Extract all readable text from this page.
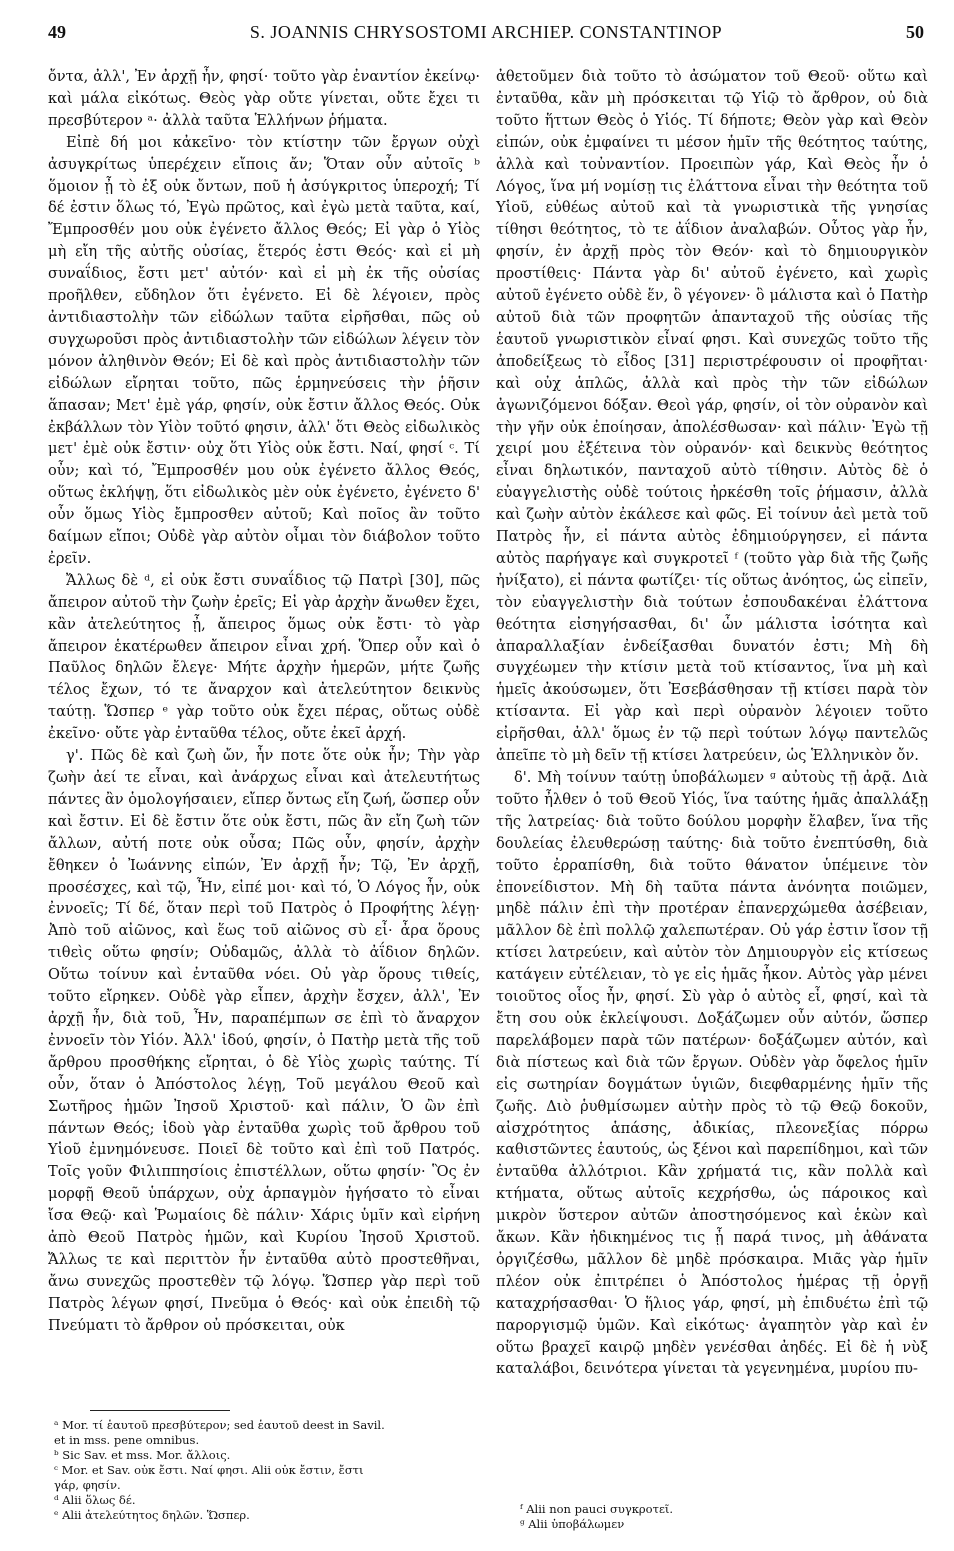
49	S. JOANNIS CHRYSOSTOMI ARCHIEP. CONSTANTINOP	50

ὄντα, ἀλλ', Ἐν ἀρχῇ ἦν, φησί· τοῦτο γὰρ ἐναντίον ἐκείνῳ· καὶ μάλα εἰκότως. Θεὸς γὰρ οὔτε γίνεται, οὔτε ἔχει τι πρεσβύτερον ᵃ· ἀλλὰ ταῦτα Ἑλλήνων ῥήματα.

Εἰπὲ δή μοι κἀκεῖνο· τὸν κτίστην τῶν ἔργων οὐχὶ ἀσυγκρίτως ὑπερέχειν εἴποις ἄν; Ὅταν οὖν αὐτοῖς ᵇ ὅμοιον ᾖ τὸ ἐξ οὐκ ὄντων, ποῦ ἡ ἀσύγκριτος ὑπεροχή; Τί δέ ἐστιν ὅλως τό, Ἐγὼ πρῶτος, καὶ ἐγὼ μετὰ ταῦτα, καί, Ἔμπροσθέν μου οὐκ ἐγένετο ἄλλος Θεός; Εἰ γὰρ ὁ Υἱὸς μὴ εἴη τῆς αὐτῆς οὐσίας, ἕτερός ἐστι Θεός· καὶ εἰ μὴ συναΐδιος, ἔστι μετ' αὐτόν· καὶ εἰ μὴ ἐκ τῆς οὐσίας προῆλθεν, εὔδηλον ὅτι ἐγένετο. Εἰ δὲ λέγοιεν, πρὸς ἀντιδιαστολὴν τῶν εἰδώλων ταῦτα εἰρῆσθαι, πῶς οὐ συγχωροῦσι πρὸς ἀντιδιαστολὴν τῶν εἰδώλων λέγειν τὸν μόνον ἀληθινὸν Θεόν; Εἰ δὲ καὶ πρὸς ἀντιδιαστολὴν τῶν εἰδώλων εἴρηται τοῦτο, πῶς ἑρμηνεύσεις τὴν ῥῆσιν ἅπασαν; Μετ' ἐμὲ γάρ, φησίν, οὐκ ἔστιν ἄλλος Θεός. Οὐκ ἐκβάλλων τὸν Υἱὸν τοῦτό φησιν, ἀλλ' ὅτι Θεὸς εἰδωλικὸς μετ' ἐμὲ οὐκ ἔστιν· οὐχ ὅτι Υἱὸς οὐκ ἔστι. Ναί, φησί ᶜ. Τί οὖν; καὶ τό, Ἔμπροσθέν μου οὐκ ἐγένετο ἄλλος Θεός, οὕτως ἐκλήψῃ, ὅτι εἰδωλικὸς μὲν οὐκ ἐγένετο, ἐγένετο δ' οὖν ὅμως Υἱὸς ἔμπροσθεν αὐτοῦ; Καὶ ποῖος ἂν τοῦτο δαίμων εἴποι; Οὐδὲ γὰρ αὐτὸν οἶμαι τὸν διάβολον τοῦτο ἐρεῖν.

Ἄλλως δὲ ᵈ, εἰ οὐκ ἔστι συναΐδιος τῷ Πατρὶ [30], πῶς ἄπειρον αὐτοῦ τὴν ζωὴν ἐρεῖς; Εἰ γὰρ ἀρχὴν ἄνωθεν ἔχει, κἂν ἀτελεύτητος ᾖ, ἄπειρος ὅμως οὐκ ἔστι· τὸ γὰρ ἄπειρον ἑκατέρωθεν ἄπειρον εἶναι χρή. Ὅπερ οὖν καὶ ὁ Παῦλος δηλῶν ἔλεγε· Μήτε ἀρχὴν ἡμερῶν, μήτε ζωῆς τέλος ἔχων, τό τε ἄναρχον καὶ ἀτελεύτητον δεικνὺς ταύτῃ. Ὥσπερ ᵉ γὰρ τοῦτο οὐκ ἔχει πέρας, οὕτως οὐδὲ ἐκεῖνο· οὔτε γὰρ ἐνταῦθα τέλος, οὔτε ἐκεῖ ἀρχή.

γ'. Πῶς δὲ καὶ ζωὴ ὤν, ἦν ποτε ὅτε οὐκ ἦν; Τὴν γὰρ ζωὴν ἀεί τε εἶναι, καὶ ἀνάρχως εἶναι καὶ ἀτελευτήτως πάντες ἂν ὁμολογήσαιεν, εἴπερ ὄντως εἴη ζωή, ὥσπερ οὖν καὶ ἔστιν. Εἰ δὲ ἔστιν ὅτε οὐκ ἔστι, πῶς ἂν εἴη ζωὴ τῶν ἄλλων, αὐτή ποτε οὐκ οὖσα; Πῶς οὖν, φησίν, ἀρχὴν ἔθηκεν ὁ Ἰωάννης εἰπών, Ἐν ἀρχῇ ἦν; Τῷ, Ἐν ἀρχῇ, προσέσχες, καὶ τῷ, Ἦν, εἰπέ μοι· καὶ τό, Ὁ Λόγος ἦν, οὐκ ἐννοεῖς; Τί δέ, ὅταν περὶ τοῦ Πατρὸς ὁ Προφήτης λέγῃ· Ἀπὸ τοῦ αἰῶνος, καὶ ἕως τοῦ αἰῶνος σὺ εἶ· ἆρα ὅρους τιθεὶς οὕτω φησίν; Οὐδαμῶς, ἀλλὰ τὸ ἀΐδιον δηλῶν. Οὕτω τοίνυν καὶ ἐνταῦθα νόει. Οὐ γὰρ ὅρους τιθείς, τοῦτο εἴρηκεν. Οὐδὲ γὰρ εἶπεν, ἀρχὴν ἔσχεν, ἀλλ', Ἐν ἀρχῇ ἦν, διὰ τοῦ, Ἦν, παραπέμπων σε ἐπὶ τὸ ἄναρχον ἐννοεῖν τὸν Υἱόν. Ἀλλ' ἰδού, φησίν, ὁ Πατὴρ μετὰ τῆς τοῦ ἄρθρου προσθήκης εἴρηται, ὁ δὲ Υἱὸς χωρὶς ταύτης. Τί οὖν, ὅταν ὁ Ἀπόστολος λέγῃ, Τοῦ μεγάλου Θεοῦ καὶ Σωτῆρος ἡμῶν Ἰησοῦ Χριστοῦ· καὶ πάλιν, Ὁ ὢν ἐπὶ πάντων Θεός; ἰδοὺ γὰρ ἐνταῦθα χωρὶς τοῦ ἄρθρου τοῦ Υἱοῦ ἐμνημόνευσε. Ποιεῖ δὲ τοῦτο καὶ ἐπὶ τοῦ Πατρός. Τοῖς γοῦν Φιλιππησίοις ἐπιστέλλων, οὕτω φησίν· Ὃς ἐν μορφῇ Θεοῦ ὑπάρχων, οὐχ ἁρπαγμὸν ἡγήσατο τὸ εἶναι ἴσα Θεῷ· καὶ Ῥωμαίοις δὲ πάλιν· Χάρις ὑμῖν καὶ εἰρήνη ἀπὸ Θεοῦ Πατρὸς ἡμῶν, καὶ Κυρίου Ἰησοῦ Χριστοῦ. Ἄλλως τε καὶ περιττὸν ἦν ἐνταῦθα αὐτὸ προστεθῆναι, ἄνω συνεχῶς προστεθὲν τῷ λόγῳ. Ὥσπερ γὰρ περὶ τοῦ Πατρὸς λέγων φησί, Πνεῦμα ὁ Θεός· καὶ οὐκ ἐπειδὴ τῷ Πνεύματι τὸ ἄρθρον οὐ πρόσκειται, οὐκ

ἀθετοῦμεν διὰ τοῦτο τὸ ἀσώματον τοῦ Θεοῦ· οὕτω καὶ ἐνταῦθα, κἂν μὴ πρόσκειται τῷ Υἱῷ τὸ ἄρθρον, οὐ διὰ τοῦτο ἥττων Θεὸς ὁ Υἱός. Τί δήποτε; Θεὸν γὰρ καὶ Θεὸν εἰπών, οὐκ ἐμφαίνει τι μέσον ἡμῖν τῆς θεότητος ταύτης, ἀλλὰ καὶ τοὐναντίον. Προειπὼν γάρ, Καὶ Θεὸς ἦν ὁ Λόγος, ἵνα μή νομίσῃ τις ἐλάττονα εἶναι τὴν θεότητα τοῦ Υἱοῦ, εὐθέως αὐτοῦ καὶ τὰ γνωριστικὰ τῆς γνησίας τίθησι θεότητος, τὸ τε ἀΐδιον ἀναλαβών. Οὗτος γὰρ ἦν, φησίν, ἐν ἀρχῇ πρὸς τὸν Θεόν· καὶ τὸ δημιουργικὸν προστίθεις· Πάντα γὰρ δι' αὐτοῦ ἐγένετο, καὶ χωρὶς αὐτοῦ ἐγένετο οὐδὲ ἕν, ὃ γέγονεν· ὃ μάλιστα καὶ ὁ Πατὴρ αὐτοῦ διὰ τῶν προφητῶν ἁπανταχοῦ τῆς οὐσίας τῆς ἑαυτοῦ γνωριστικὸν εἶναί φησι. Καὶ συνεχῶς τοῦτο τῆς ἀποδείξεως τὸ εἶδος [31] περιστρέφουσιν οἱ προφῆται· καὶ οὐχ ἁπλῶς, ἀλλὰ καὶ πρὸς τὴν τῶν εἰδώλων ἀγωνιζόμενοι δόξαν. Θεοὶ γάρ, φησίν, οἱ τὸν οὐρανὸν καὶ τὴν γῆν οὐκ ἐποίησαν, ἀπολέσθωσαν· καὶ πάλιν· Ἐγὼ τῇ χειρί μου ἐξέτεινα τὸν οὐρανόν· καὶ δεικνὺς θεότητος εἶναι δηλωτικόν, πανταχοῦ αὐτὸ τίθησιν. Αὐτὸς δὲ ὁ εὐαγγελιστὴς οὐδὲ τούτοις ἠρκέσθη τοῖς ῥήμασιν, ἀλλὰ καὶ ζωὴν αὐτὸν ἐκάλεσε καὶ φῶς. Εἰ τοίνυν ἀεὶ μετὰ τοῦ Πατρὸς ἦν, εἰ πάντα αὐτὸς ἐδημιούργησεν, εἰ πάντα αὐτὸς παρήγαγε καὶ συγκροτεῖ ᶠ (τοῦτο γὰρ διὰ τῆς ζωῆς ἠνίξατο), εἰ πάντα φωτίζει· τίς οὕτως ἀνόητος, ὡς εἰπεῖν, τὸν εὐαγγελιστὴν διὰ τούτων ἐσπουδακέναι ἐλάττονα θεότητα εἰσηγήσασθαι, δι' ὧν μάλιστα ἰσότητα καὶ ἀπαραλλαξίαν ἐνδείξασθαι δυνατόν ἐστι; Μὴ δὴ συγχέωμεν τὴν κτίσιν μετὰ τοῦ κτίσαντος, ἵνα μὴ καὶ ἡμεῖς ἀκούσωμεν, ὅτι Ἐσεβάσθησαν τῇ κτίσει παρὰ τὸν κτίσαντα. Εἰ γὰρ καὶ περὶ οὐρανὸν λέγοιεν τοῦτο εἰρῆσθαι, ἀλλ' ὅμως ἐν τῷ περὶ τούτων λόγῳ παντελῶς ἀπεῖπε τὸ μὴ δεῖν τῇ κτίσει λατρεύειν, ὡς Ἑλληνικὸν ὄν.

δ'. Μὴ τοίνυν ταύτῃ ὑποβάλωμεν ᵍ αὐτοὺς τῇ ἀρᾷ. Διὰ τοῦτο ἦλθεν ὁ τοῦ Θεοῦ Υἱός, ἵνα ταύτης ἡμᾶς ἀπαλλάξῃ τῆς λατρείας· διὰ τοῦτο δούλου μορφὴν ἔλαβεν, ἵνα τῆς δουλείας ἐλευθερώσῃ ταύτης· διὰ τοῦτο ἐνεπτύσθη, διὰ τοῦτο ἐρραπίσθη, διὰ τοῦτο θάνατον ὑπέμεινε τὸν ἐπονείδιστον. Μὴ δὴ ταῦτα πάντα ἀνόνητα ποιῶμεν, μηδὲ πάλιν ἐπὶ τὴν προτέραν ἐπανερχώμεθα ἀσέβειαν, μᾶλλον δὲ ἐπὶ πολλῷ χαλεπωτέραν. Οὐ γάρ ἐστιν ἴσον τῇ κτίσει λατρεύειν, καὶ αὐτὸν τὸν Δημιουργὸν εἰς κτίσεως κατάγειν εὐτέλειαν, τὸ γε εἰς ἡμᾶς ἧκον. Αὐτὸς γὰρ μένει τοιοῦτος οἷος ἦν, φησί. Σὺ γὰρ ὁ αὐτὸς εἶ, φησί, καὶ τὰ ἔτη σου οὐκ ἐκλείψουσι. Δοξάζωμεν οὖν αὐτόν, ὥσπερ παρελάβομεν παρὰ τῶν πατέρων· δοξάζωμεν αὐτόν, καὶ διὰ πίστεως καὶ διὰ τῶν ἔργων. Οὐδὲν γὰρ ὄφελος ἡμῖν εἰς σωτηρίαν δογμάτων ὑγιῶν, διεφθαρμένης ἡμῖν τῆς ζωῆς. Διὸ ῥυθμίσωμεν αὐτὴν πρὸς τὸ τῷ Θεῷ δοκοῦν, αἰσχρότητος ἁπάσης, ἀδικίας, πλεονεξίας πόρρω καθιστῶντες ἑαυτούς, ὡς ξένοι καὶ παρεπίδημοι, καὶ τῶν ἐνταῦθα ἀλλότριοι. Κἂν χρήματά τις, κἂν πολλὰ καὶ κτήματα, οὕτως αὐτοῖς κεχρήσθω, ὡς πάροικος καὶ μικρὸν ὕστερον αὐτῶν ἀποστησόμενος καὶ ἑκὼν καὶ ἄκων. Κἂν ἠδικημένος τις ᾖ παρά τινος, μὴ ἀθάνατα ὀργιζέσθω, μᾶλλον δὲ μηδὲ πρόσκαιρα. Μιᾶς γὰρ ἡμῖν πλέον οὐκ ἐπιτρέπει ὁ Ἀπόστολος ἡμέρας τῇ ὀργῇ καταχρήσασθαι· Ὁ ἥλιος γάρ, φησί, μὴ ἐπιδυέτω ἐπὶ τῷ παροργισμῷ ὑμῶν. Καὶ εἰκότως· ἀγαπητὸν γὰρ καὶ ἐν οὕτω βραχεῖ καιρῷ μηδὲν γενέσθαι ἀηδές. Εἰ δὲ ἡ νὺξ καταλάβοι, δεινότερα γίνεται τὰ γεγενημένα, μυρίου πυ-

ᵃ Mor. τί ἑαυτοῦ πρεσβύτερον; sed ἑαυτοῦ deest in Savil.
et in mss. pene omnibus.
ᵇ Sic Sav. et mss. Mor. ἄλλοις.
ᶜ Mor. et Sav. οὐκ ἔστι. Ναί φησι. Alii οὐκ ἔστιν, ἔστι
γάρ, φησίν.
ᵈ Alii ὅλως δέ.
ᵉ Alii ἀτελεύτητος δηλῶν. Ὥσπερ.	ᶠ Alii non pauci συγκροτεῖ.
ᵍ Alii ὑποβάλωμεν
